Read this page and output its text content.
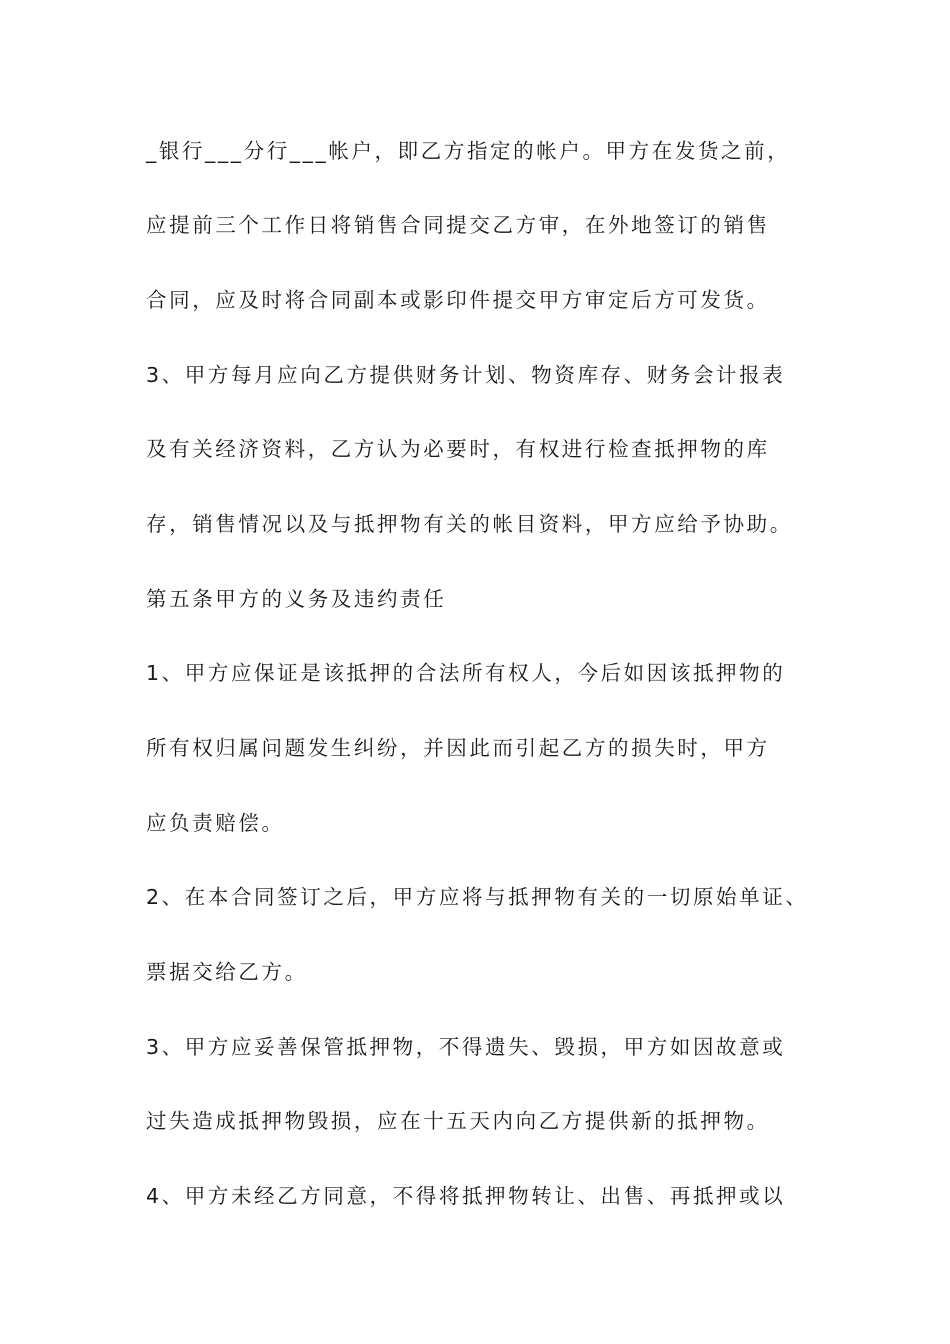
_银行___分行___帐户，即乙方指定的帐户。甲方在发货之前，
应提前三个工作日将销售合同提交乙方审，在外地签订的销售
合同，应及时将合同副本或影印件提交甲方审定后方可发货。
3、甲方每月应向乙方提供财务计划、物资库存、财务会计报表
及有关经济资料，乙方认为必要时，有权进行检查抵押物的库
存，销售情况以及与抵押物有关的帐目资料，甲方应给予协助。
第五条甲方的义务及违约责任
1、甲方应保证是该抵押的合法所有权人，今后如因该抵押物的
所有权归属问题发生纠纷，并因此而引起乙方的损失时，甲方
应负责赔偿。
2、在本合同签订之后，甲方应将与抵押物有关的一切原始单证、
票据交给乙方。
3、甲方应妥善保管抵押物，不得遗失、毁损，甲方如因故意或
过失造成抵押物毁损，应在十五天内向乙方提供新的抵押物。
4、甲方未经乙方同意，不得将抵押物转让、出售、再抵押或以
